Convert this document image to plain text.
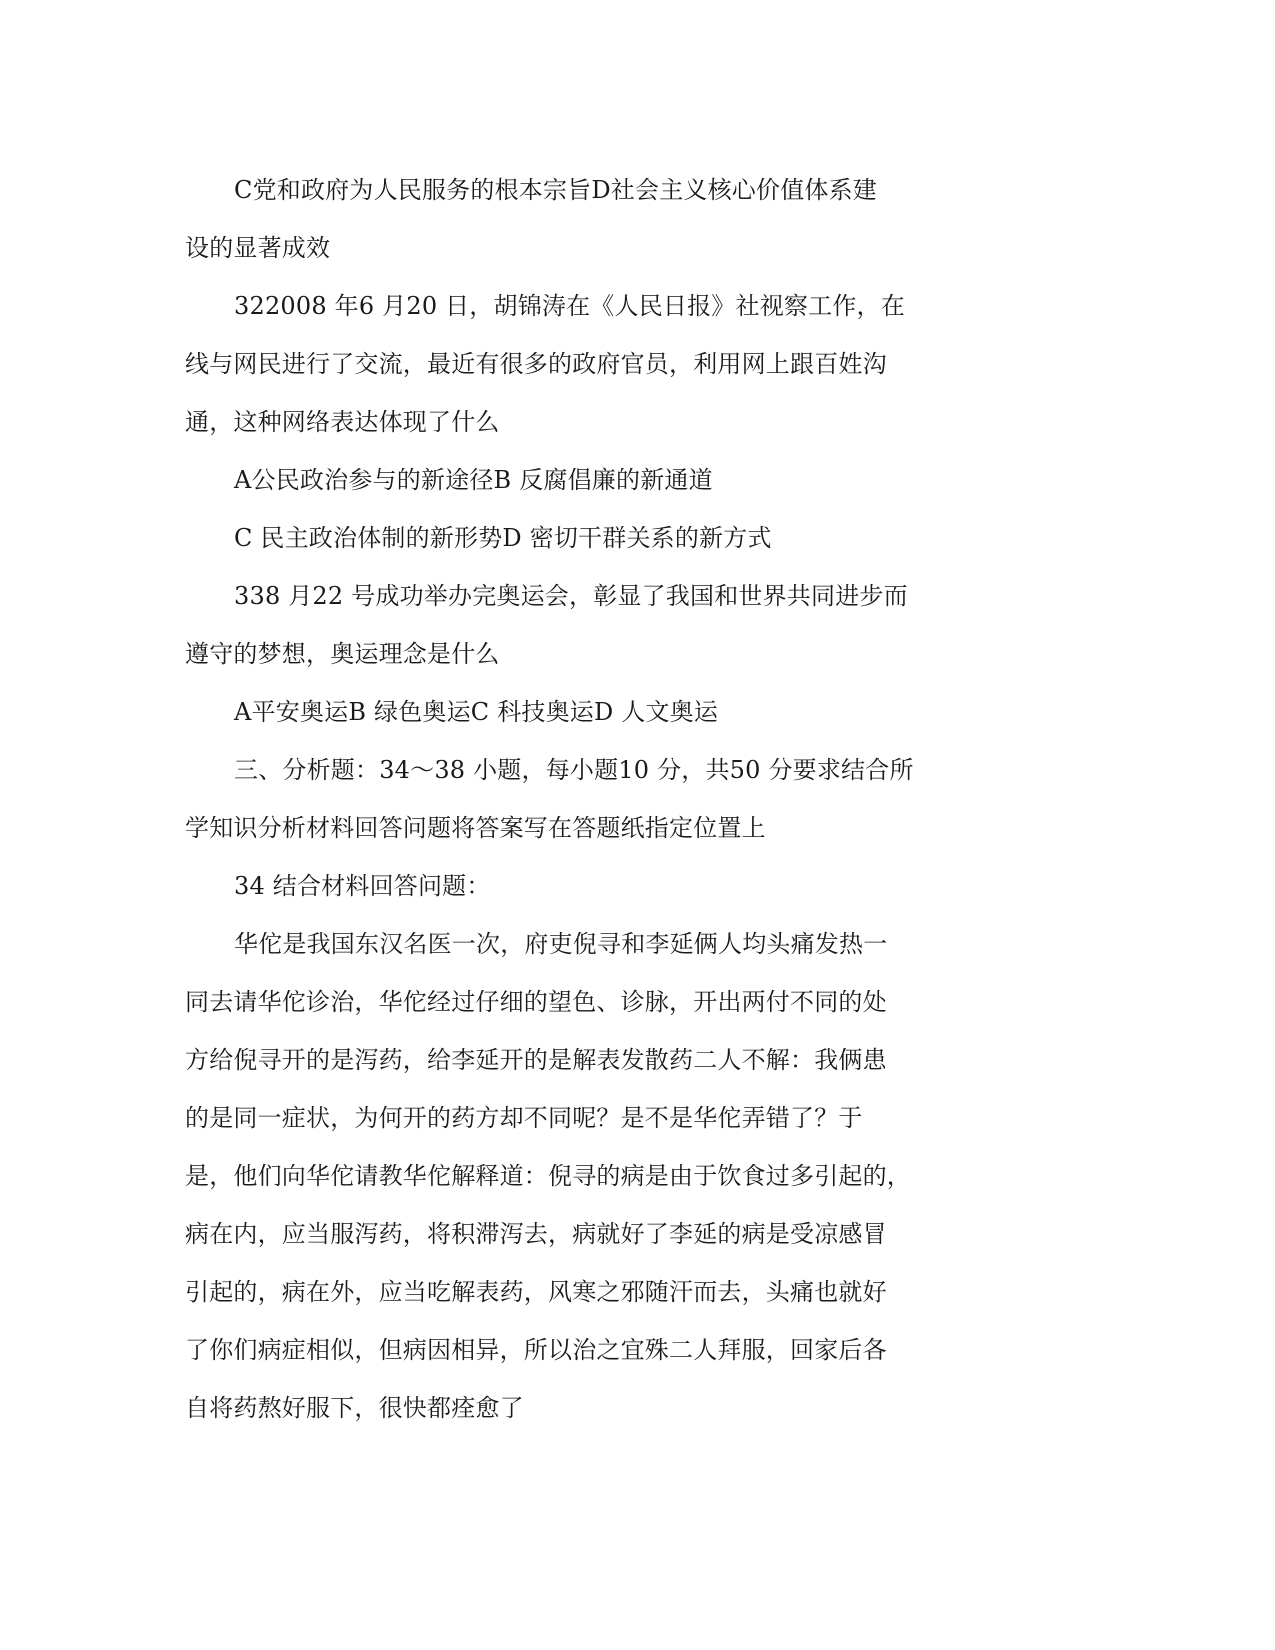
C党和政府为人民服务的根本宗旨D社会主义核心价值体系建
设的显著成效
322008 年6 月20 日，胡锦涛在《人民日报》社视察工作，在
线与网民进行了交流，最近有很多的政府官员，利用网上跟百姓沟
通，这种网络表达体现了什么
A公民政治参与的新途径B 反腐倡廉的新通道
C 民主政治体制的新形势D 密切干群关系的新方式
338 月22 号成功举办完奥运会，彰显了我国和世界共同进步而
遵守的梦想，奥运理念是什么
A平安奥运B 绿色奥运C 科技奥运D 人文奥运
三、分析题：34～38 小题，每小题10 分，共50 分要求结合所
学知识分析材料回答问题将答案写在答题纸指定位置上
34 结合材料回答问题：
华佗是我国东汉名医一次，府吏倪寻和李延俩人均头痛发热一
同去请华佗诊治，华佗经过仔细的望色、诊脉，开出两付不同的处
方给倪寻开的是泻药，给李延开的是解表发散药二人不解：我俩患
的是同一症状，为何开的药方却不同呢？是不是华佗弄错了？于
是，他们向华佗请教华佗解释道：倪寻的病是由于饮食过多引起的，
病在内，应当服泻药，将积滞泻去，病就好了李延的病是受凉感冒
引起的，病在外，应当吃解表药，风寒之邪随汗而去，头痛也就好
了你们病症相似，但病因相异，所以治之宜殊二人拜服，回家后各
自将药熬好服下，很快都痊愈了
